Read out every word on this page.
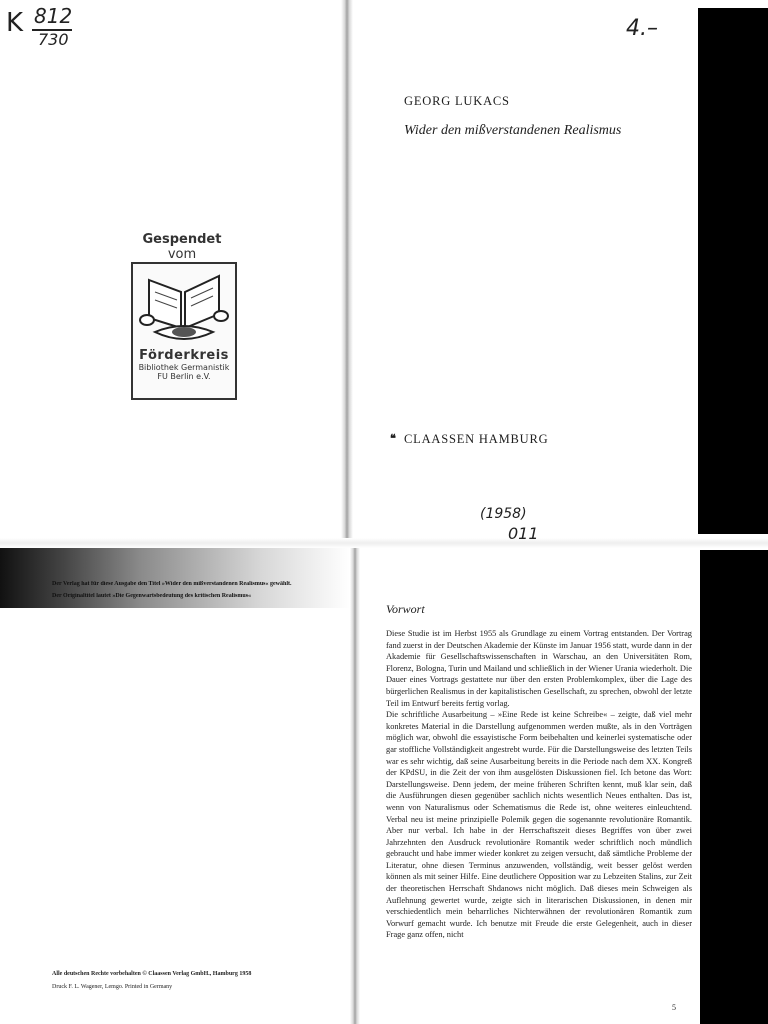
K 812
730	4.–
(1958)
011
Gespendet
vom
Förderkreis
Bibliothek Germanistik
FU Berlin e.V.
GEORG LUKACS
Wider den mißverstandenen Realismus
❝ CLAASSEN HAMBURG
Der Verlag hat für diese Ausgabe den Titel »Wider den mißverstandenen Realismus« gewählt.
Der Originaltitel lautet »Die Gegenwartsbedeutung des kritischen Realismus«
Alle deutschen Rechte vorbehalten © Claassen Verlag GmbH., Hamburg 1958
Druck F. L. Wagener, Lemgo. Printed in Germany
Vorwort

Diese Studie ist im Herbst 1955 als Grundlage zu einem Vortrag entstanden. Der Vortrag fand zuerst in der Deutschen Akademie der Künste im Januar 1956 statt, wurde dann in der Akademie für Gesellschaftswissenschaften in Warschau, an den Universitäten Rom, Florenz, Bologna, Turin und Mailand und schließlich in der Wiener Urania wiederholt. Die Dauer eines Vortrags gestattete nur über den ersten Problemkomplex, über die Lage des bürgerlichen Realismus in der kapitalistischen Gesellschaft, zu sprechen, obwohl der letzte Teil im Entwurf bereits fertig vorlag.

Die schriftliche Ausarbeitung – »Eine Rede ist keine Schreibe« – zeigte, daß viel mehr konkretes Material in die Darstellung aufgenommen werden mußte, als in den Vorträgen möglich war, obwohl die essayistische Form beibehalten und keinerlei systematische oder gar stoffliche Vollständigkeit angestrebt wurde. Für die Darstellungsweise des letzten Teils war es sehr wichtig, daß seine Ausarbeitung bereits in die Periode nach dem XX. Kongreß der KPdSU, in die Zeit der von ihm ausgelösten Diskussionen fiel. Ich betone das Wort: Darstellungsweise. Denn jedem, der meine früheren Schriften kennt, muß klar sein, daß die Ausführungen diesen gegenüber sachlich nichts wesentlich Neues enthalten. Das ist, wenn von Naturalismus oder Schematismus die Rede ist, ohne weiteres einleuchtend. Verbal neu ist meine prinzipielle Polemik gegen die sogenannte revolutionäre Romantik. Aber nur verbal. Ich habe in der Herrschaftszeit dieses Begriffes von über zwei Jahrzehnten den Ausdruck revolutionäre Romantik weder schriftlich noch mündlich gebraucht und habe immer wieder konkret zu zeigen versucht, daß sämtliche Probleme der Literatur, ohne diesen Terminus anzuwenden, vollständig, weit besser gelöst werden können als mit seiner Hilfe. Eine deutlichere Opposition war zu Lebzeiten Stalins, zur Zeit der theoretischen Herrschaft Shdanows nicht möglich. Daß dieses mein Schweigen als Auflehnung gewertet wurde, zeigte sich in literarischen Diskussionen, in denen mir verschiedentlich mein beharrliches Nichterwähnen der revolutionären Romantik zum Vorwurf gemacht wurde. Ich benutze mit Freude die erste Gelegenheit, auch in dieser Frage ganz offen, nicht

5
